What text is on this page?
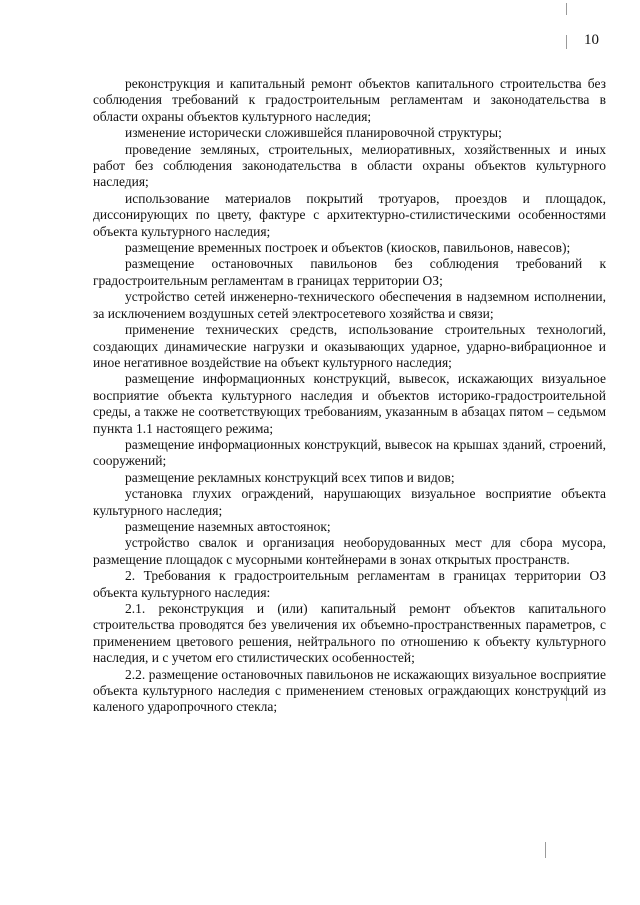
10

реконструкция и капитальный ремонт объектов капитального строительства без соблюдения требований к градостроительным регламентам и законодательства в области охраны объектов культурного наследия;

изменение исторически сложившейся планировочной структуры;

проведение земляных, строительных, мелиоративных, хозяйственных и иных работ без соблюдения законодательства в области охраны объектов культурного наследия;

использование материалов покрытий тротуаров, проездов и площадок, диссонирующих по цвету, фактуре с архитектурно-стилистическими особенностями объекта культурного наследия;

размещение временных построек и объектов (киосков, павильонов, навесов);

размещение остановочных павильонов без соблюдения требований к градостроительным регламентам в границах территории ОЗ;

устройство сетей инженерно-технического обеспечения в надземном исполнении, за исключением воздушных сетей электросетевого хозяйства и связи;

применение технических средств, использование строительных технологий, создающих динамические нагрузки и оказывающих ударное, ударно-вибрационное и иное негативное воздействие на объект культурного наследия;

размещение информационных конструкций, вывесок, искажающих визуальное восприятие объекта культурного наследия и объектов историко-градостроительной среды, а также не соответствующих требованиям, указанным в абзацах пятом – седьмом пункта 1.1 настоящего режима;

размещение информационных конструкций, вывесок на крышах зданий, строений, сооружений;

размещение рекламных конструкций всех типов и видов;

установка глухих ограждений, нарушающих визуальное восприятие объекта культурного наследия;

размещение наземных автостоянок;

устройство свалок и организация необорудованных мест для сбора мусора, размещение площадок с мусорными контейнерами в зонах открытых пространств.

2. Требования к градостроительным регламентам в границах территории ОЗ объекта культурного наследия:

2.1. реконструкция и (или) капитальный ремонт объектов капитального строительства проводятся без увеличения их объемно-пространственных параметров, с применением цветового решения, нейтрального по отношению к объекту культурного наследия, и с учетом его стилистических особенностей;

2.2. размещение остановочных павильонов не искажающих визуальное восприятие объекта культурного наследия с применением стеновых ограждающих конструкций из каленого ударопрочного стекла;
